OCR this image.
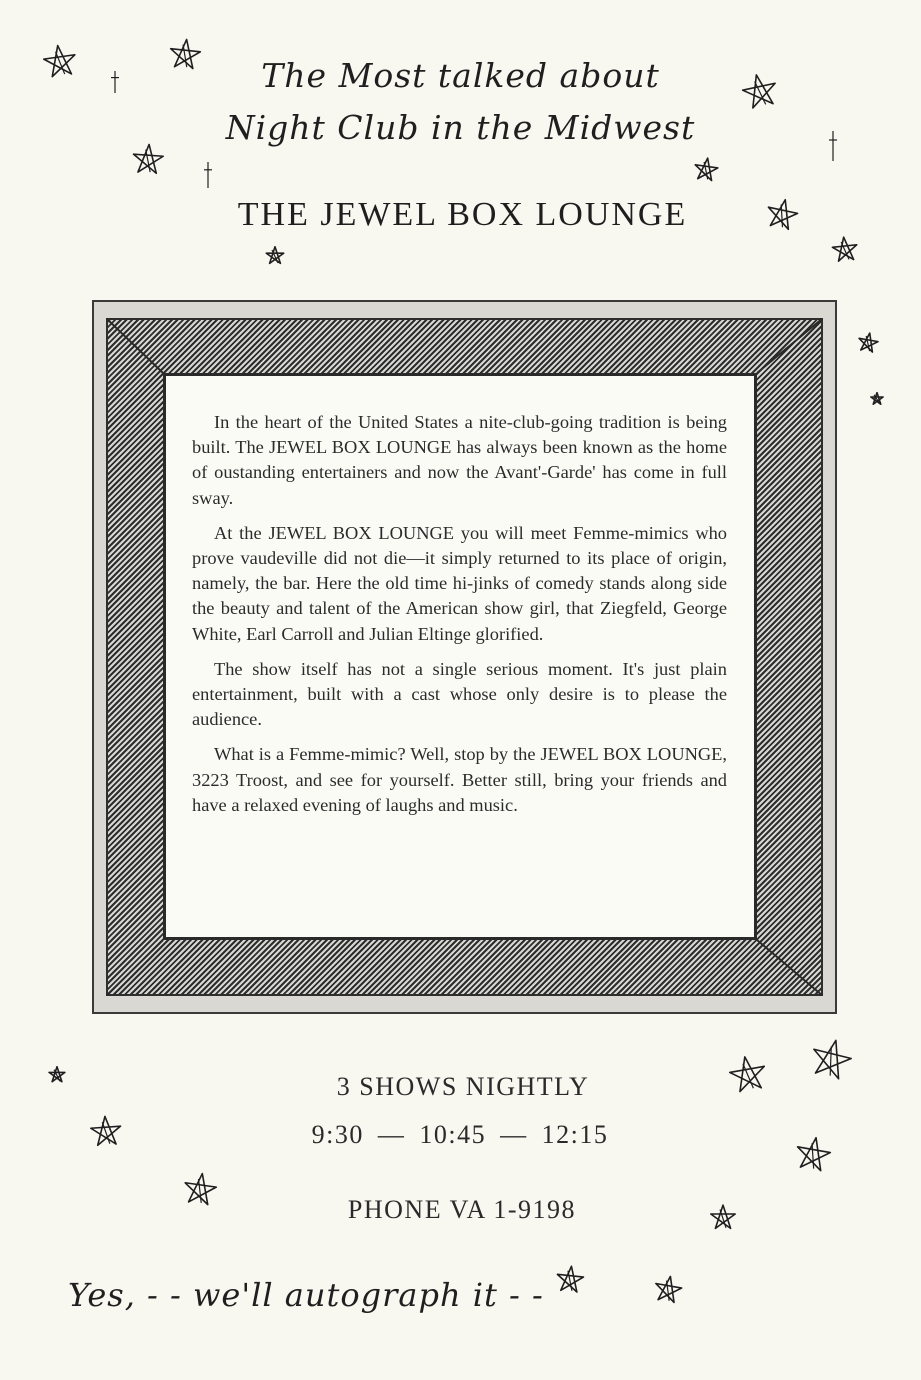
The Most talked about
Night Club in the Midwest
THE JEWEL BOX LOUNGE

In the heart of the United States a nite-club-going tradition is being built. The JEWEL BOX LOUNGE has always been known as the home of oustanding entertainers and now the Avant'-Garde' has come in full sway.

At the JEWEL BOX LOUNGE you will meet Femme-mimics who prove vaudeville did not die—it simply returned to its place of origin, namely, the bar. Here the old time hi-jinks of comedy stands along side the beauty and talent of the American show girl, that Ziegfeld, George White, Earl Carroll and Julian Eltinge glorified.

The show itself has not a single serious moment. It's just plain entertainment, built with a cast whose only desire is to please the audience.

What is a Femme-mimic? Well, stop by the JEWEL BOX LOUNGE, 3223 Troost, and see for yourself. Better still, bring your friends and have a relaxed evening of laughs and music.

3 SHOWS NIGHTLY
9:30 — 10:45 — 12:15
PHONE VA 1-9198
Yes, - - we'll autograph it - -
